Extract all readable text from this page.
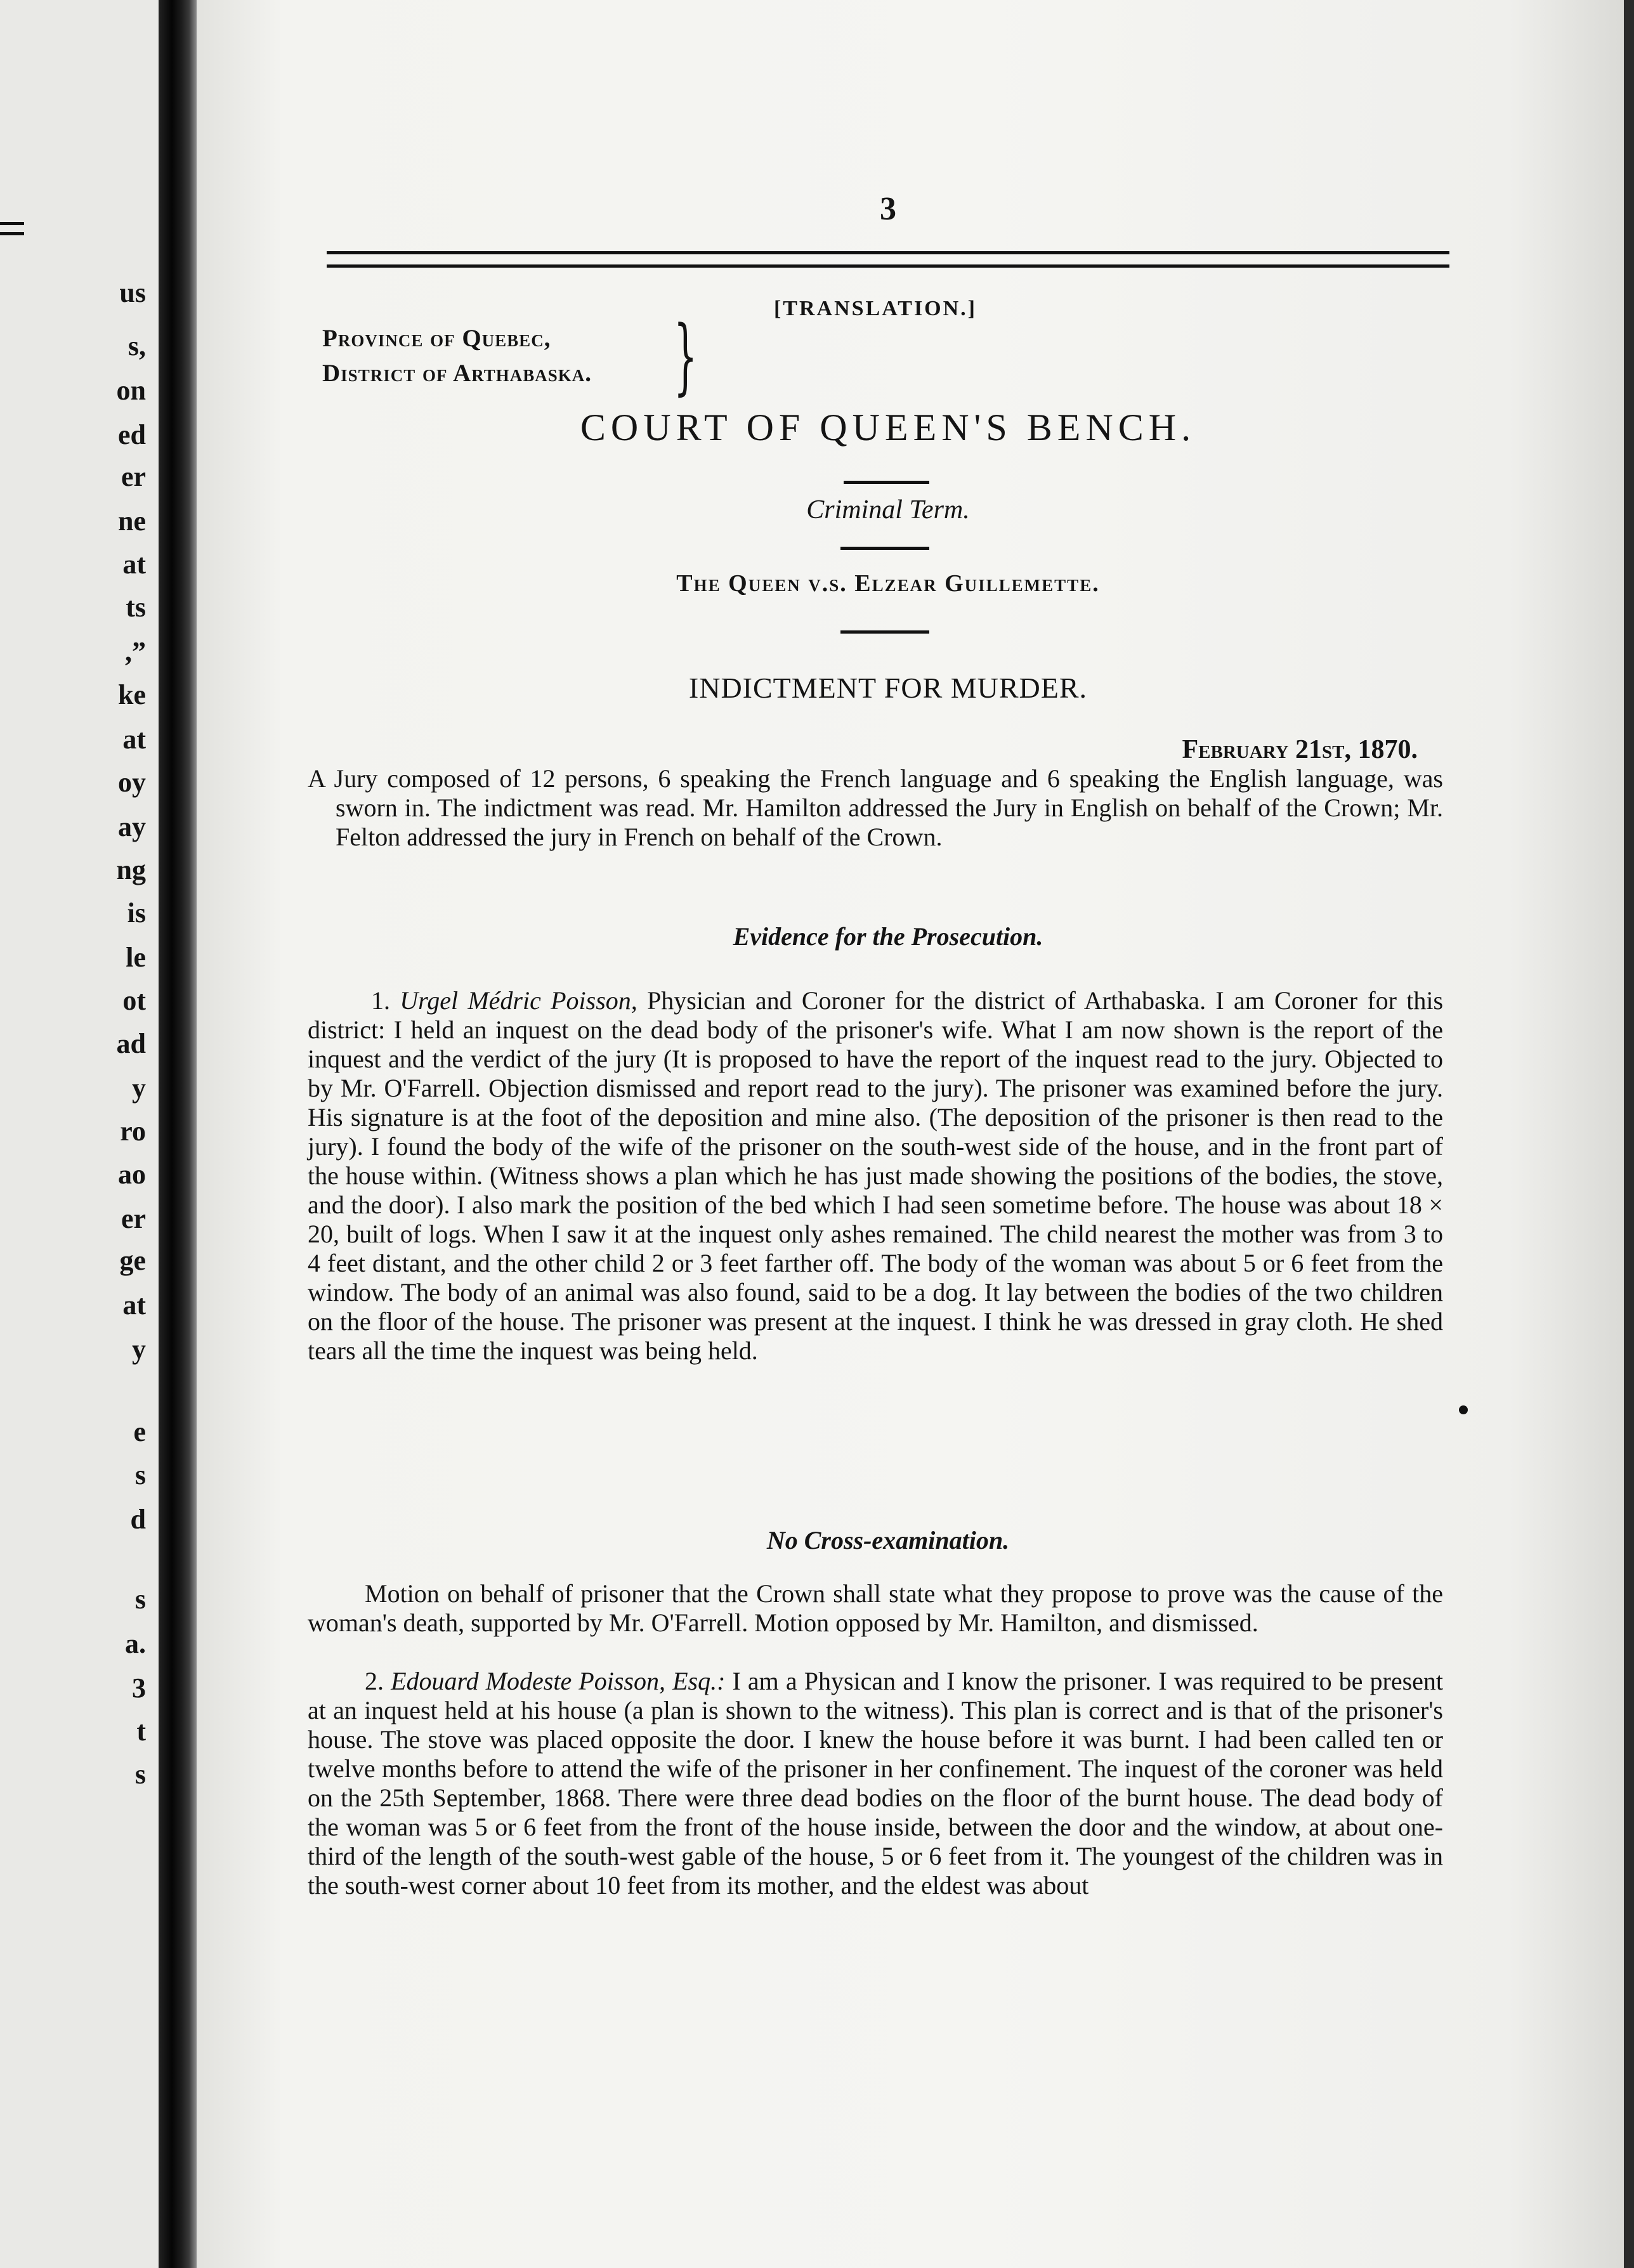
us
s,
on
ed
er
ne
at
ts
,”
ke
at
oy
ay
ng
is
le
ot
ad
y
ro
ao
er
ge
at
y
e
s
d
s
a.
3
t
s
3
[TRANSLATION.]
Province of Quebec,
District of Arthabaska. }
COURT OF QUEEN'S BENCH.
Criminal Term.
The Queen v.s. Elzear Guillemette.
INDICTMENT FOR MURDER.
February 21st, 1870.

A Jury composed of 12 persons, 6 speaking the French language and 6 speaking the English language, was sworn in. The indictment was read. Mr. Hamilton addressed the Jury in English on behalf of the Crown; Mr. Felton addressed the jury in French on behalf of the Crown.

Evidence for the Prosecution.

1. Urgel Médric Poisson, Physician and Coroner for the district of Arthabaska. I am Coroner for this district: I held an inquest on the dead body of the prisoner's wife. What I am now shown is the report of the inquest and the verdict of the jury (It is proposed to have the report of the inquest read to the jury. Objected to by Mr. O'Farrell. Objection dismissed and report read to the jury). The prisoner was examined before the jury. His signature is at the foot of the deposition and mine also. (The deposition of the prisoner is then read to the jury). I found the body of the wife of the prisoner on the south-west side of the house, and in the front part of the house within. (Witness shows a plan which he has just made showing the positions of the bodies, the stove, and the door). I also mark the position of the bed which I had seen sometime before. The house was about 18 × 20, built of logs. When I saw it at the inquest only ashes remained. The child nearest the mother was from 3 to 4 feet distant, and the other child 2 or 3 feet farther off. The body of the woman was about 5 or 6 feet from the window. The body of an animal was also found, said to be a dog. It lay between the bodies of the two children on the floor of the house. The prisoner was present at the inquest. I think he was dressed in gray cloth. He shed tears all the time the inquest was being held.

No Cross-examination.

Motion on behalf of prisoner that the Crown shall state what they propose to prove was the cause of the woman's death, supported by Mr. O'Farrell. Motion opposed by Mr. Hamilton, and dismissed.

2. Edouard Modeste Poisson, Esq.: I am a Physican and I know the prisoner. I was required to be present at an inquest held at his house (a plan is shown to the witness). This plan is correct and is that of the prisoner's house. The stove was placed opposite the door. I knew the house before it was burnt. I had been called ten or twelve months before to attend the wife of the prisoner in her confinement. The inquest of the coroner was held on the 25th September, 1868. There were three dead bodies on the floor of the burnt house. The dead body of the woman was 5 or 6 feet from the front of the house inside, between the door and the window, at about one-third of the length of the south-west gable of the house, 5 or 6 feet from it. The youngest of the children was in the south-west corner about 10 feet from its mother, and the eldest was about
